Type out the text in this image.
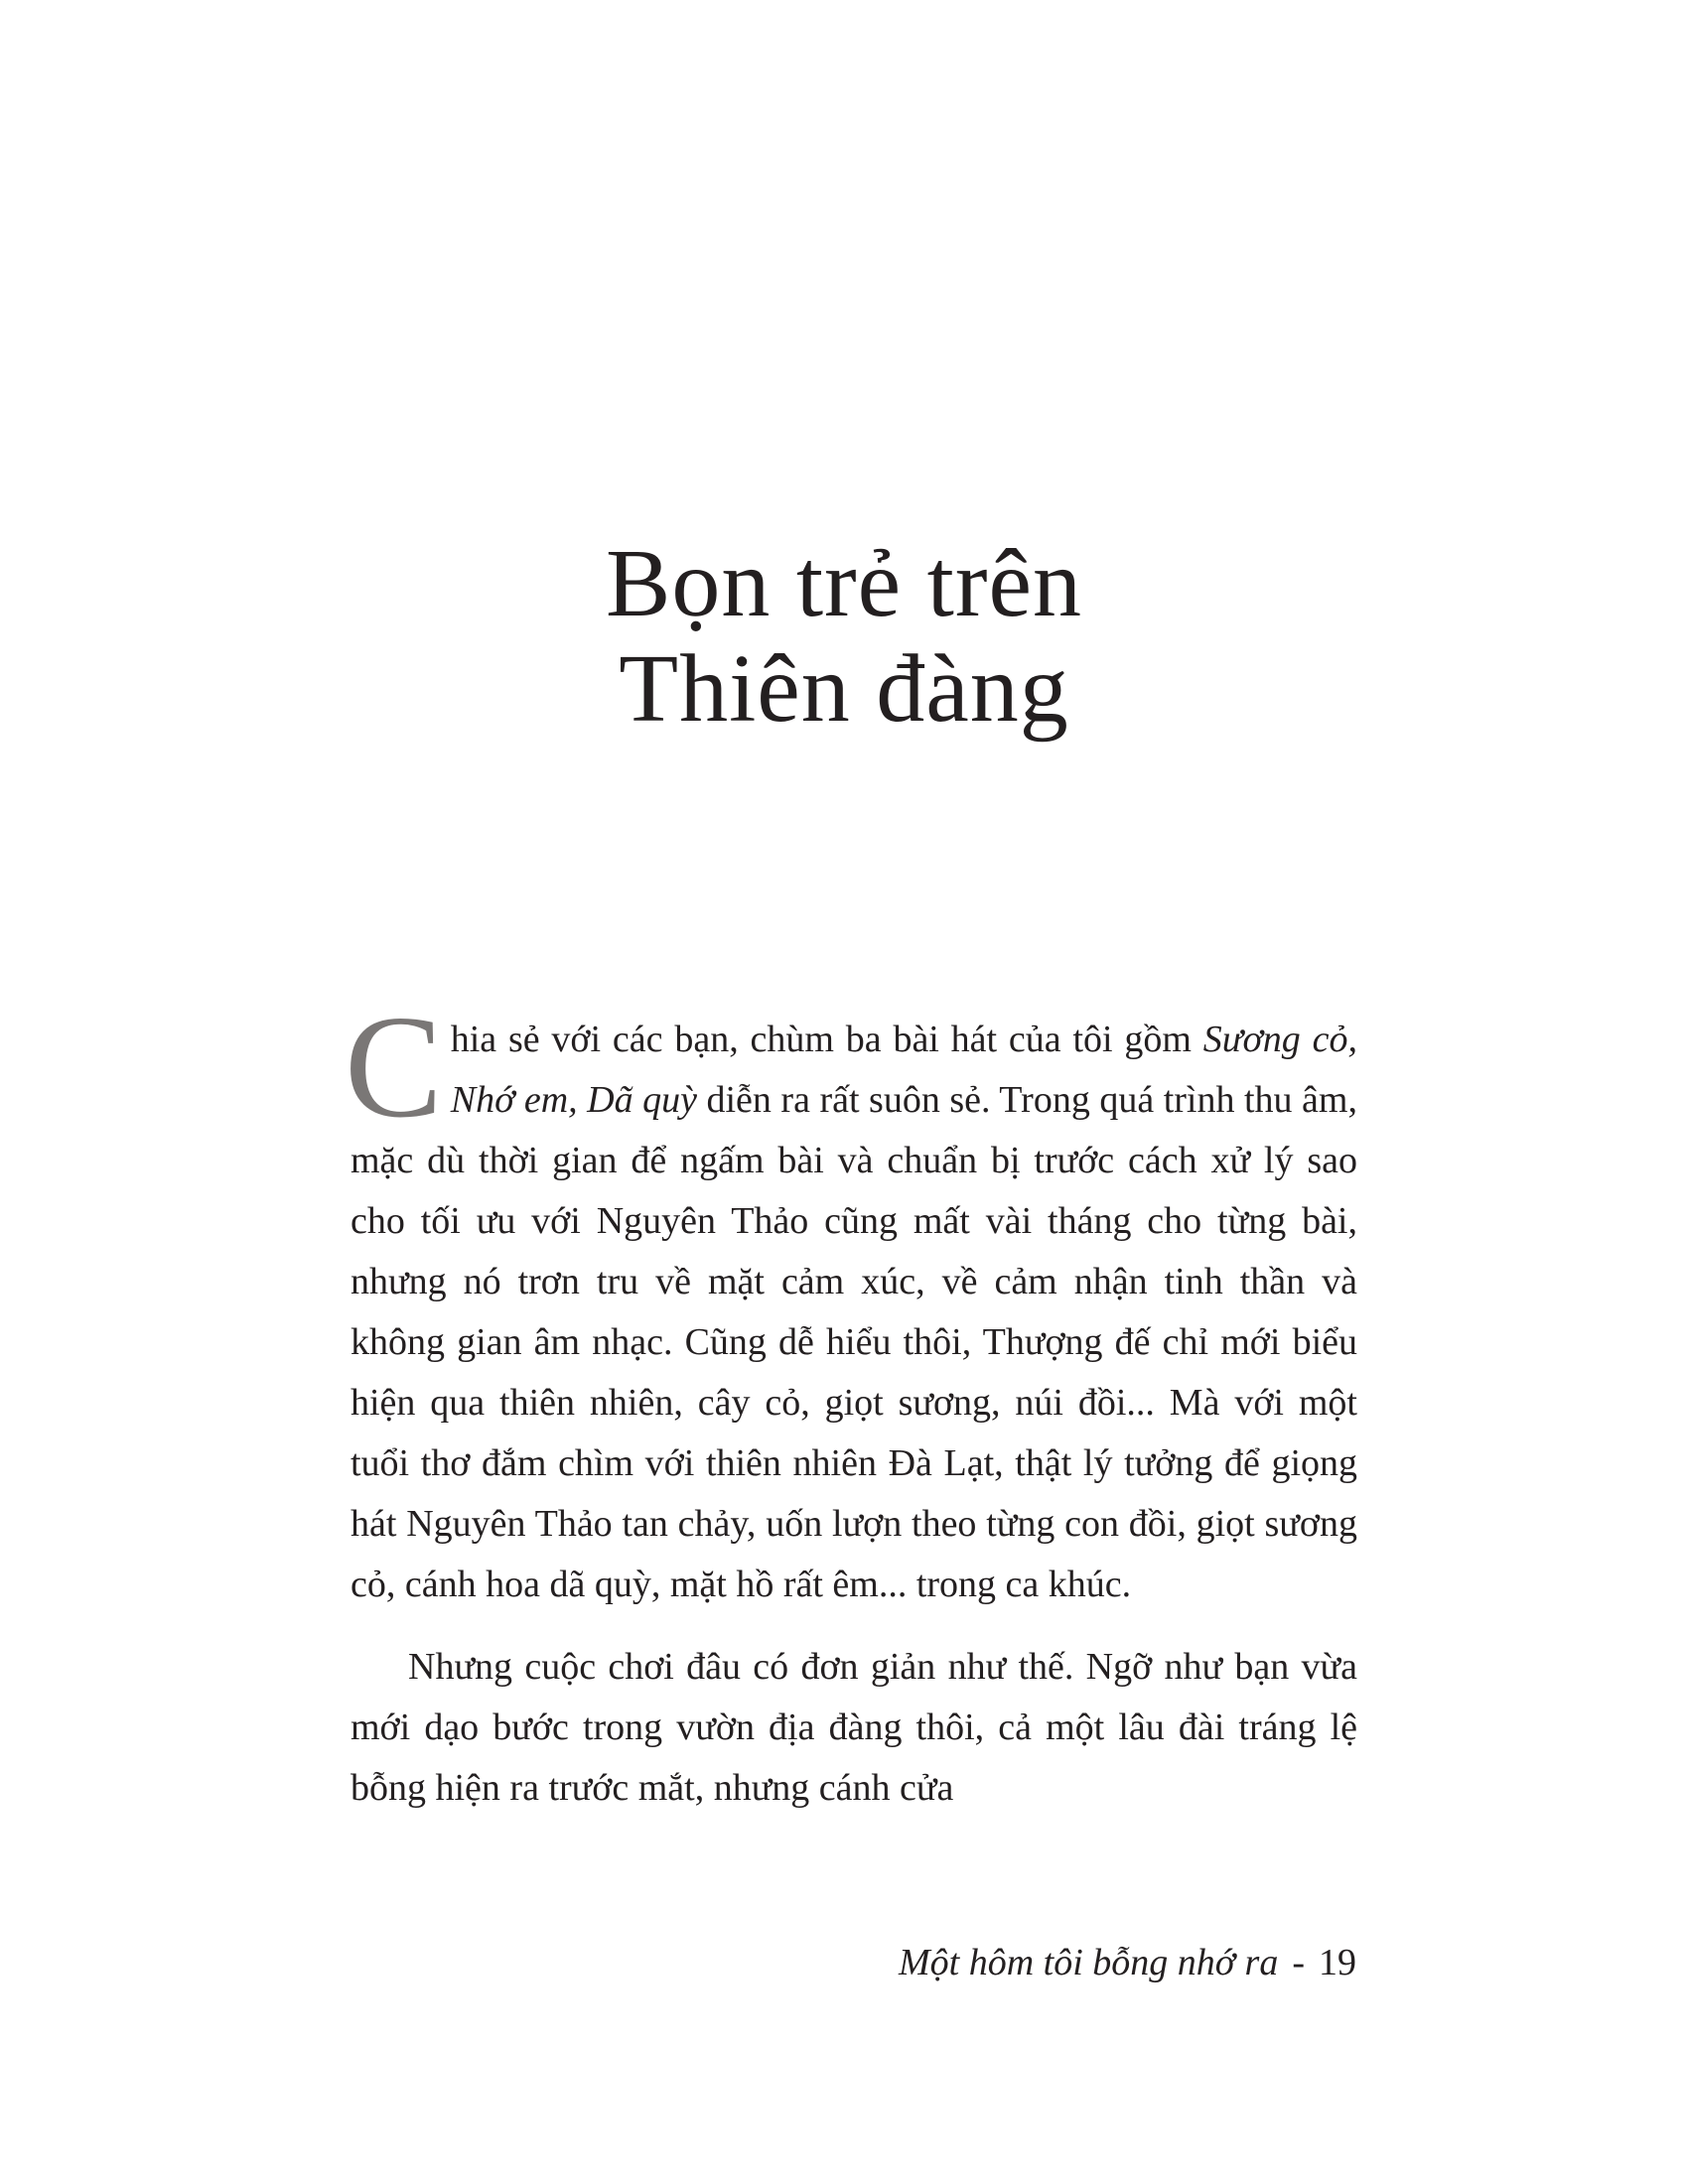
Bọn trẻ trên
Thiên đàng

Chia sẻ với các bạn, chùm ba bài hát của tôi gồm Sương cỏ, Nhớ em, Dã quỳ diễn ra rất suôn sẻ. Trong quá trình thu âm, mặc dù thời gian để ngấm bài và chuẩn bị trước cách xử lý sao cho tối ưu với Nguyên Thảo cũng mất vài tháng cho từng bài, nhưng nó trơn tru về mặt cảm xúc, về cảm nhận tinh thần và không gian âm nhạc. Cũng dễ hiểu thôi, Thượng đế chỉ mới biểu hiện qua thiên nhiên, cây cỏ, giọt sương, núi đồi... Mà với một tuổi thơ đắm chìm với thiên nhiên Đà Lạt, thật lý tưởng để giọng hát Nguyên Thảo tan chảy, uốn lượn theo từng con đồi, giọt sương cỏ, cánh hoa dã quỳ, mặt hồ rất êm... trong ca khúc.

Nhưng cuộc chơi đâu có đơn giản như thế. Ngỡ như bạn vừa mới dạo bước trong vườn địa đàng thôi, cả một lâu đài tráng lệ bỗng hiện ra trước mắt, nhưng cánh cửa

Một hôm tôi bỗng nhớ ra - 19
